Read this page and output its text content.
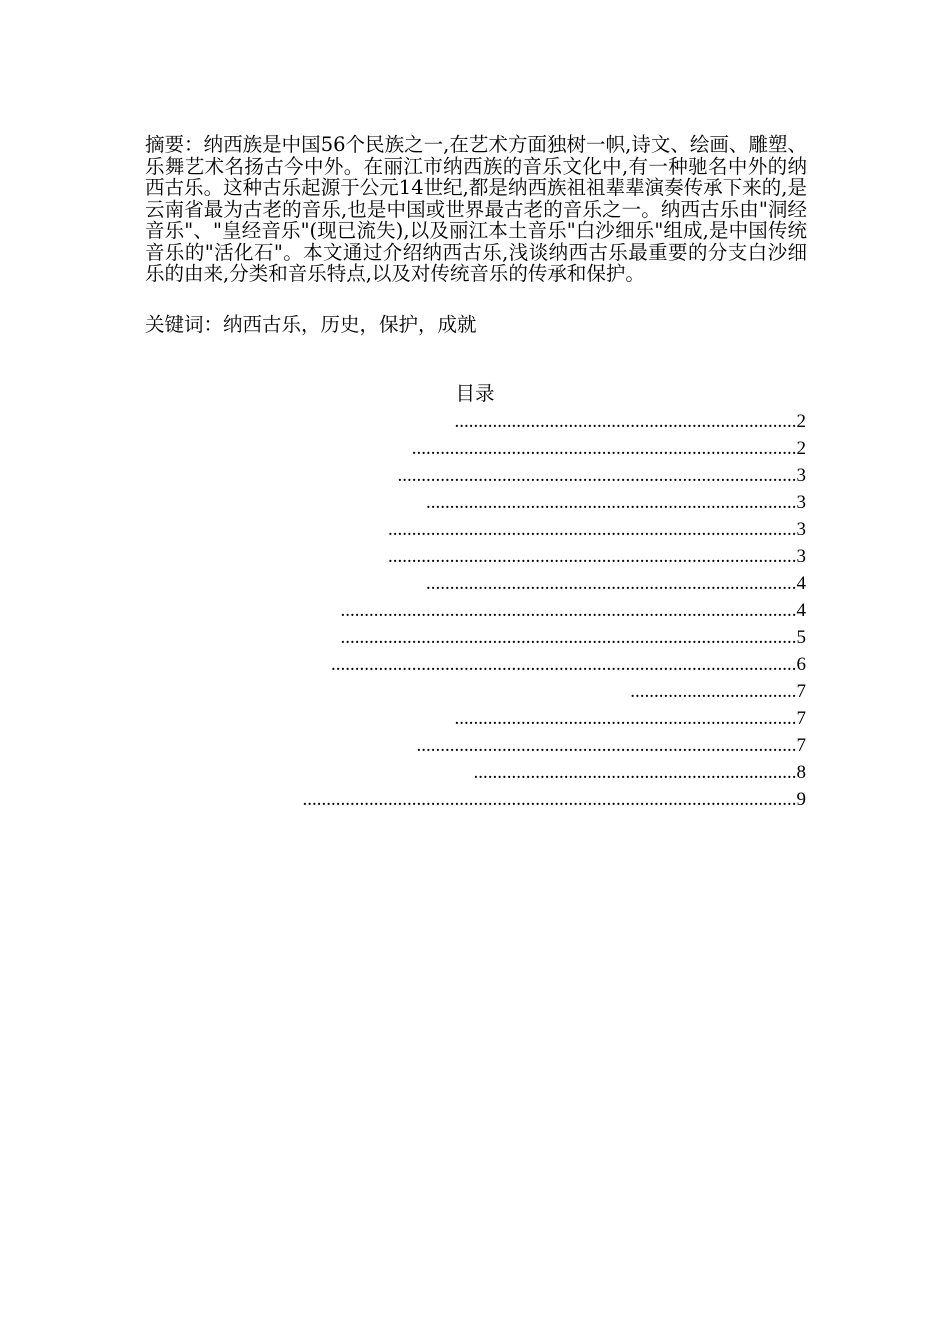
摘要：纳西族是中国56个民族之一,在艺术方面独树一帜,诗文、绘画、雕塑、乐舞艺术名扬古今中外。在丽江市纳西族的音乐文化中,有一种驰名中外的纳西古乐。这种古乐起源于公元14世纪,都是纳西族祖祖辈辈演奏传承下来的,是云南省最为古老的音乐,也是中国或世界最古老的音乐之一。纳西古乐由"洞经音乐"、"皇经音乐"(现已流失),以及丽江本土音乐"白沙细乐"组成,是中国传统音乐的"活化石"。本文通过介绍纳西古乐,浅谈纳西古乐最重要的分支白沙细乐的由来,分类和音乐特点,以及对传统音乐的传承和保护。

关键词：纳西古乐，历史，保护，成就

目录
........................................................................ 2
................................................................................. 2
.................................................................................... 3
.............................................................................. 3
...................................................................................... 3
...................................................................................... 3
.............................................................................. 4
................................................................................................ 4
................................................................................................ 5
.................................................................................................. 6
................................... 7
........................................................................ 7
................................................................................ 7
.................................................................... 8
........................................................................................................ 9
